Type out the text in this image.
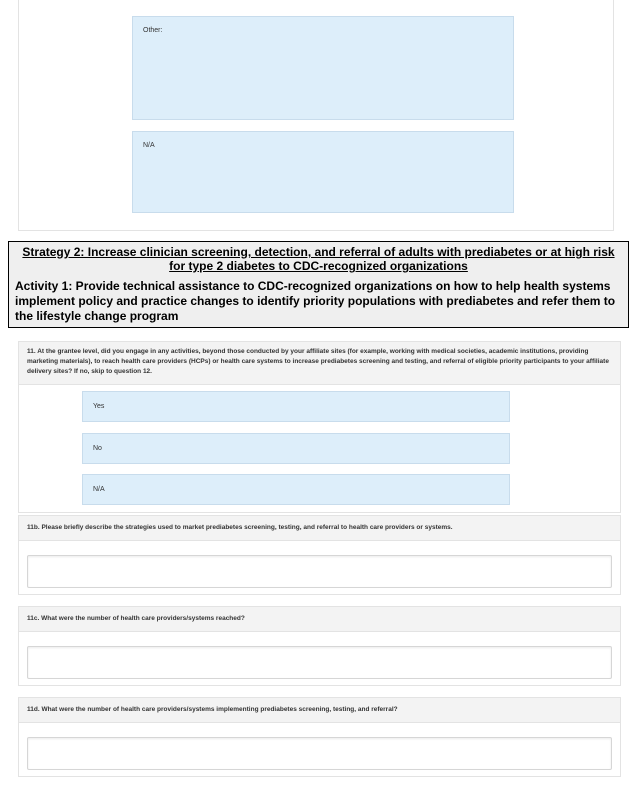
Other:
N/A
Strategy 2: Increase clinician screening, detection, and referral of adults with prediabetes or at high risk for type 2 diabetes to CDC-recognized organizations
Activity 1: Provide technical assistance to CDC-recognized organizations on how to help health systems implement policy and practice changes to identify priority populations with prediabetes and refer them to the lifestyle change program
11. At the grantee level, did you engage in any activities, beyond those conducted by your affiliate sites (for example, working with medical societies, academic institutions, providing marketing materials), to reach health care providers (HCPs) or health care systems to increase prediabetes screening and testing, and referral of eligible priority participants to your affiliate delivery sites? If no, skip to question 12.
Yes
No
N/A
11b. Please briefly describe the strategies used to market prediabetes screening, testing, and referral to health care providers or systems.
11c. What were the number of health care providers/systems reached?
11d. What were the number of health care providers/systems implementing prediabetes screening, testing, and referral?
